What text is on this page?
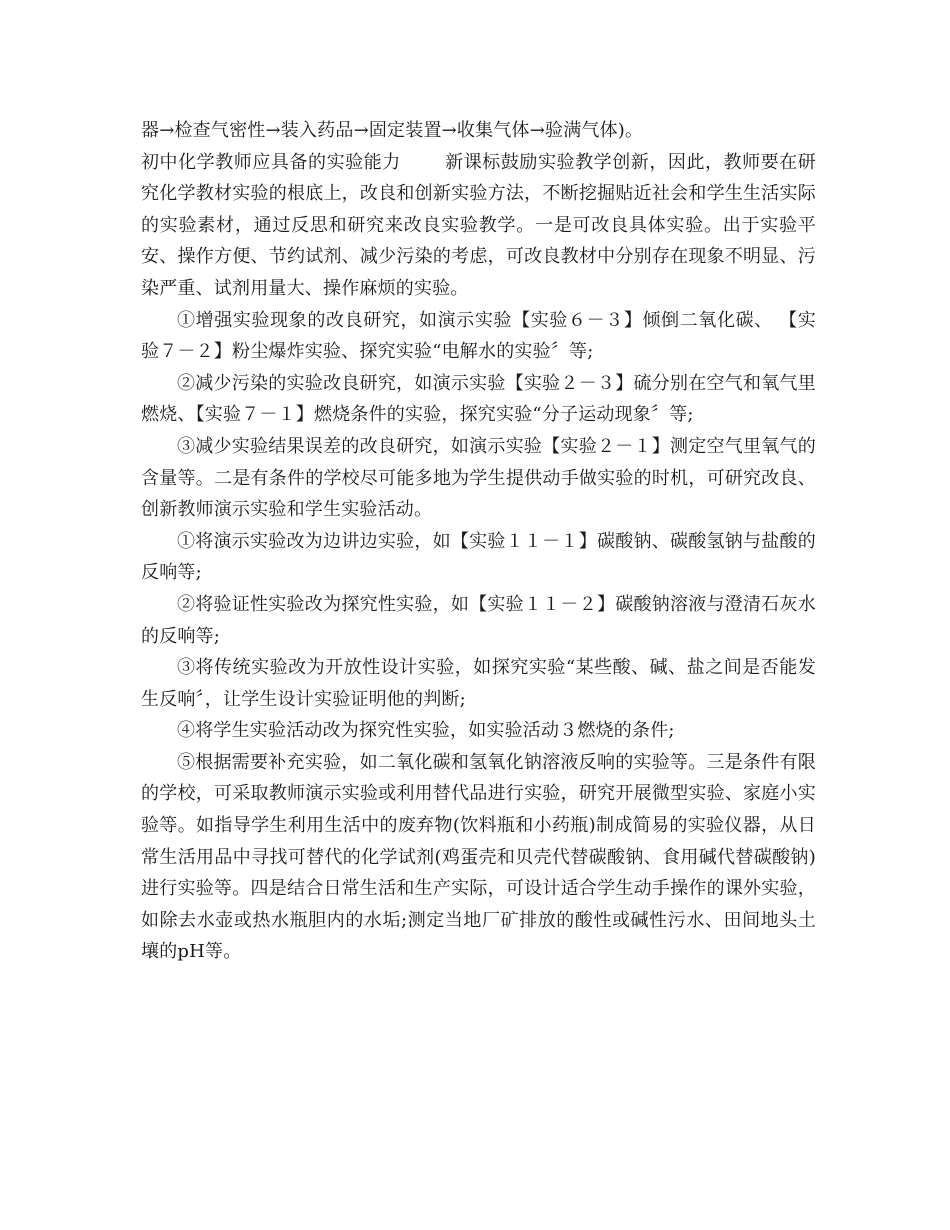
器→检查气密性→装入药品→固定装置→收集气体→验满气体)。

初中化学教师应具备的实验能力 新课标鼓励实验教学创新，因此，教师要在研究化学教材实验的根底上，改良和创新实验方法，不断挖掘贴近社会和学生生活实际的实验素材，通过反思和研究来改良实验教学。一是可改良具体实验。出于实验平安、操作方便、节约试剂、减少污染的考虑，可改良教材中分别存在现象不明显、污染严重、试剂用量大、操作麻烦的实验。

①增强实验现象的改良研究，如演示实验【实验６－３】倾倒二氧化碳、 【实验７－２】粉尘爆炸实验、探究实验“电解水的实验〞等;

②减少污染的实验改良研究，如演示实验【实验２－３】硫分别在空气和氧气里燃烧、【实验７－１】燃烧条件的实验，探究实验“分子运动现象〞等;

③减少实验结果误差的改良研究，如演示实验【实验２－１】测定空气里氧气的含量等。二是有条件的学校尽可能多地为学生提供动手做实验的时机，可研究改良、创新教师演示实验和学生实验活动。

①将演示实验改为边讲边实验，如【实验１１－１】碳酸钠、碳酸氢钠与盐酸的反响等;

②将验证性实验改为探究性实验，如【实验１１－２】碳酸钠溶液与澄清石灰水的反响等;

③将传统实验改为开放性设计实验，如探究实验“某些酸、碱、盐之间是否能发生反响〞，让学生设计实验证明他的判断;

④将学生实验活动改为探究性实验，如实验活动３燃烧的条件;

⑤根据需要补充实验，如二氧化碳和氢氧化钠溶液反响的实验等。三是条件有限的学校，可采取教师演示实验或利用替代品进行实验，研究开展微型实验、家庭小实验等。如指导学生利用生活中的废弃物(饮料瓶和小药瓶)制成简易的实验仪器，从日常生活用品中寻找可替代的化学试剂(鸡蛋壳和贝壳代替碳酸钠、食用碱代替碳酸钠)进行实验等。四是结合日常生活和生产实际，可设计适合学生动手操作的课外实验，如除去水壶或热水瓶胆内的水垢;测定当地厂矿排放的酸性或碱性污水、田间地头土壤的pH等。
